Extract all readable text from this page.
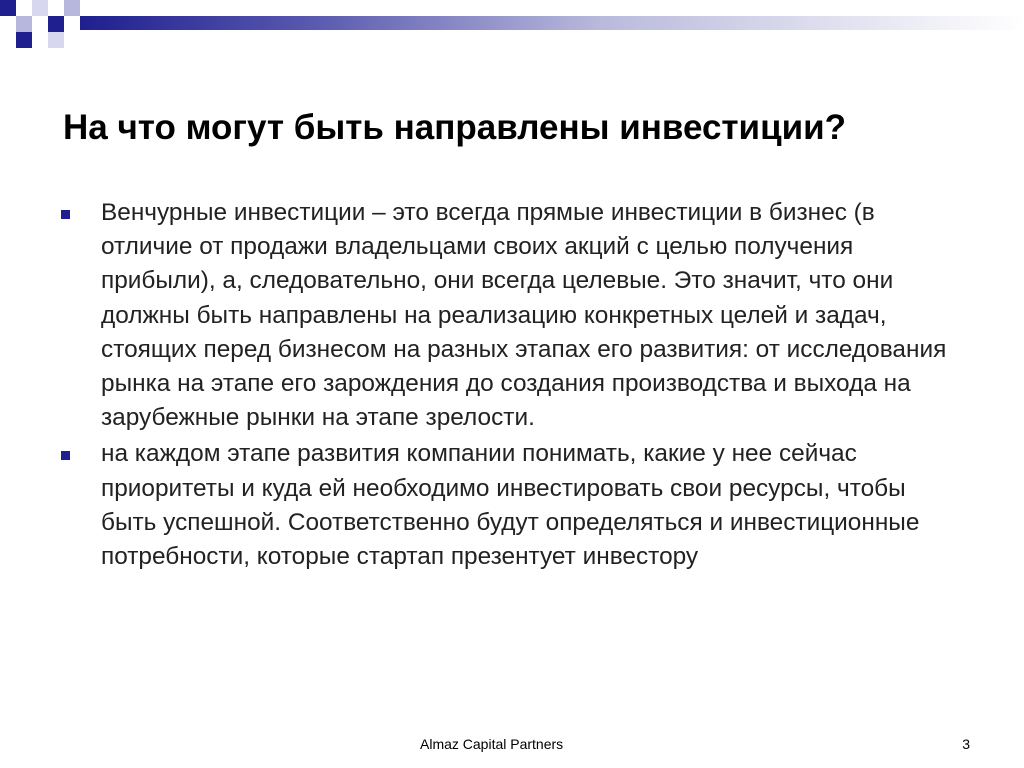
На что могут быть направлены инвестиции?
Венчурные инвестиции – это всегда прямые инвестиции в бизнес (в отличие от продажи владельцами своих акций с целью получения прибыли), а, следовательно, они всегда целевые. Это значит, что они должны быть направлены на реализацию конкретных целей и задач, стоящих перед бизнесом на разных этапах его развития: от исследования рынка на этапе его зарождения до создания производства и выхода на зарубежные рынки на этапе зрелости.
на каждом этапе развития компании понимать, какие у нее сейчас приоритеты и куда ей необходимо инвестировать свои ресурсы, чтобы быть успешной. Соответственно будут определяться и инвестиционные потребности, которые стартап презентует инвестору
Almaz Capital Partners	3
